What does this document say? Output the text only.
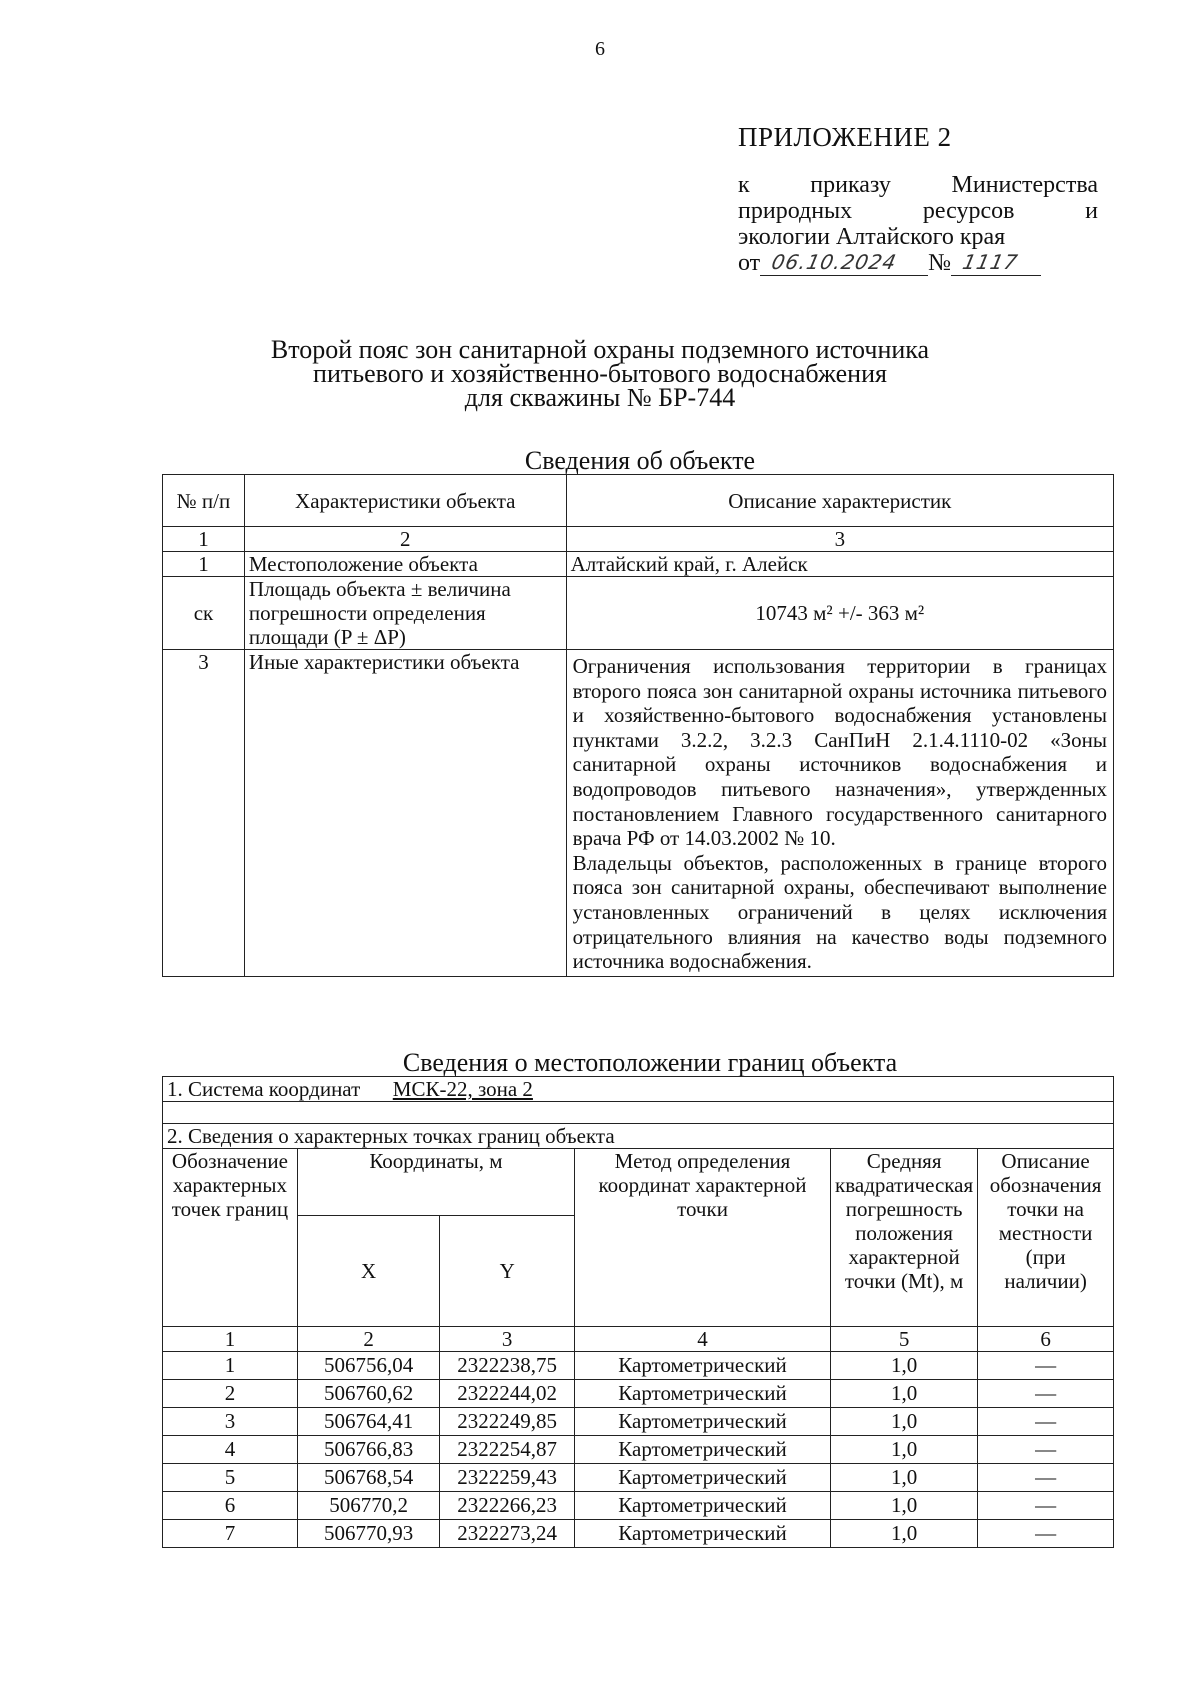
6
ПРИЛОЖЕНИЕ 2
к	приказу	Министерства
природных	ресурсов	и
экологии Алтайского края
от 06.10.2024 № 1117
Второй пояс зон санитарной охраны подземного источника
питьевого и хозяйственно-бытового водоснабжения
для скважины № БР-744
Сведения об объекте
№ п/п	Характеристики объекта	Описание характеристик
1	2	3
1	Местоположение объекта	Алтайский край, г. Алейск
ск	Площадь объекта ± величина погрешности определения площади (P ± ΔP)	10743 м² +/- 363 м²
3	Иные характеристики объекта	Ограничения использования территории в границах второго пояса зон санитарной охраны источника питьевого и хозяйственно-бытового водоснабжения установлены пунктами 3.2.2, 3.2.3 СанПиН 2.1.4.1110-02 «Зоны санитарной охраны источников водоснабжения и водопроводов питьевого назначения», утвержденных постановлением Главного государственного санитарного врача РФ от 14.03.2002 № 10.
Владельцы объектов, расположенных в границе второго пояса зон санитарной охраны, обеспечивают выполнение установленных ограничений в целях исключения отрицательного влияния на качество воды подземного источника водоснабжения.
Сведения о местоположении границ объекта
1. Система координат МСК-22, зона 2					

2. Сведения о характерных точках границ объекта					
Обозначение характерных точек границ	Координаты, м		Метод определения координат характерной точки	Средняя квадратическая погрешность положения характерной точки (Mt), м	Описание обозначения точки на местности (при наличии)
	X	Y			
1	2	3	4	5	6
1	506756,04	2322238,75	Картометрический	1,0	—
2	506760,62	2322244,02	Картометрический	1,0	—
3	506764,41	2322249,85	Картометрический	1,0	—
4	506766,83	2322254,87	Картометрический	1,0	—
5	506768,54	2322259,43	Картометрический	1,0	—
6	506770,2	2322266,23	Картометрический	1,0	—
7	506770,93	2322273,24	Картометрический	1,0	—
